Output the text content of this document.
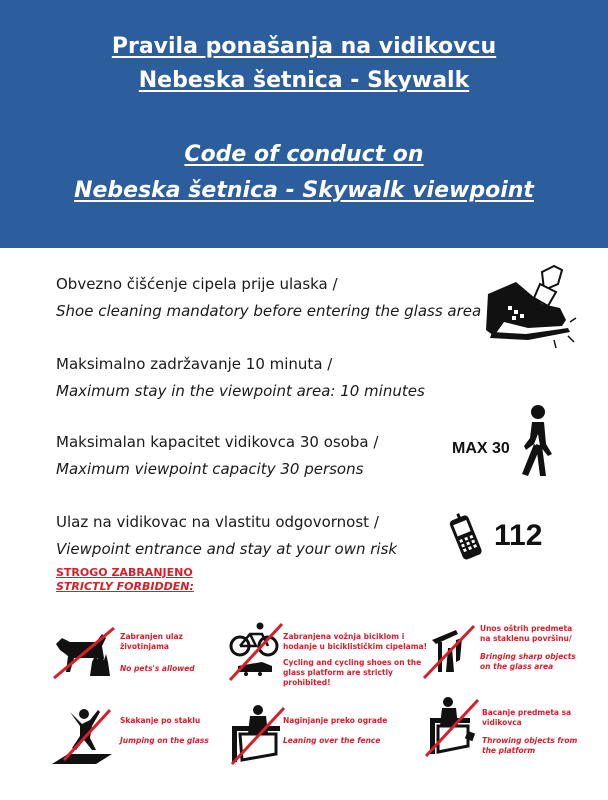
Pravila ponašanja na vidikovcu
Nebeska šetnica - Skywalk
Code of conduct on
Nebeska šetnica - Skywalk viewpoint
Obvezno čišćenje cipela prije ulaska /
Shoe cleaning mandatory before entering the glass area
Maksimalno zadržavanje 10 minuta /
Maximum stay in the viewpoint area: 10 minutes
Maksimalan kapacitet vidikovca 30 osoba /
Maximum viewpoint capacity 30 persons
Ulaz na vidikovac na vlastitu odgovornost /
Viewpoint entrance and stay at your own risk
MAX 30
112
STROGO ZABRANJENO
STRICTLY FORBIDDEN:
Zabranjen ulaz životinjama
No pets's allowed
Zabranjena vožnja biciklom i hodanje u biciklističkim cipelama!
Cycling and cycling shoes on the glass platform are strictly prohibited!
Unos oštrih predmeta na staklenu površinu/
Bringing sharp objects on the glass area
Skakanje po staklu
Jumping on the glass
Naginjanje preko ograde
Leaning over the fence
Bacanje predmeta sa vidikovca
Throwing objects from the platform
